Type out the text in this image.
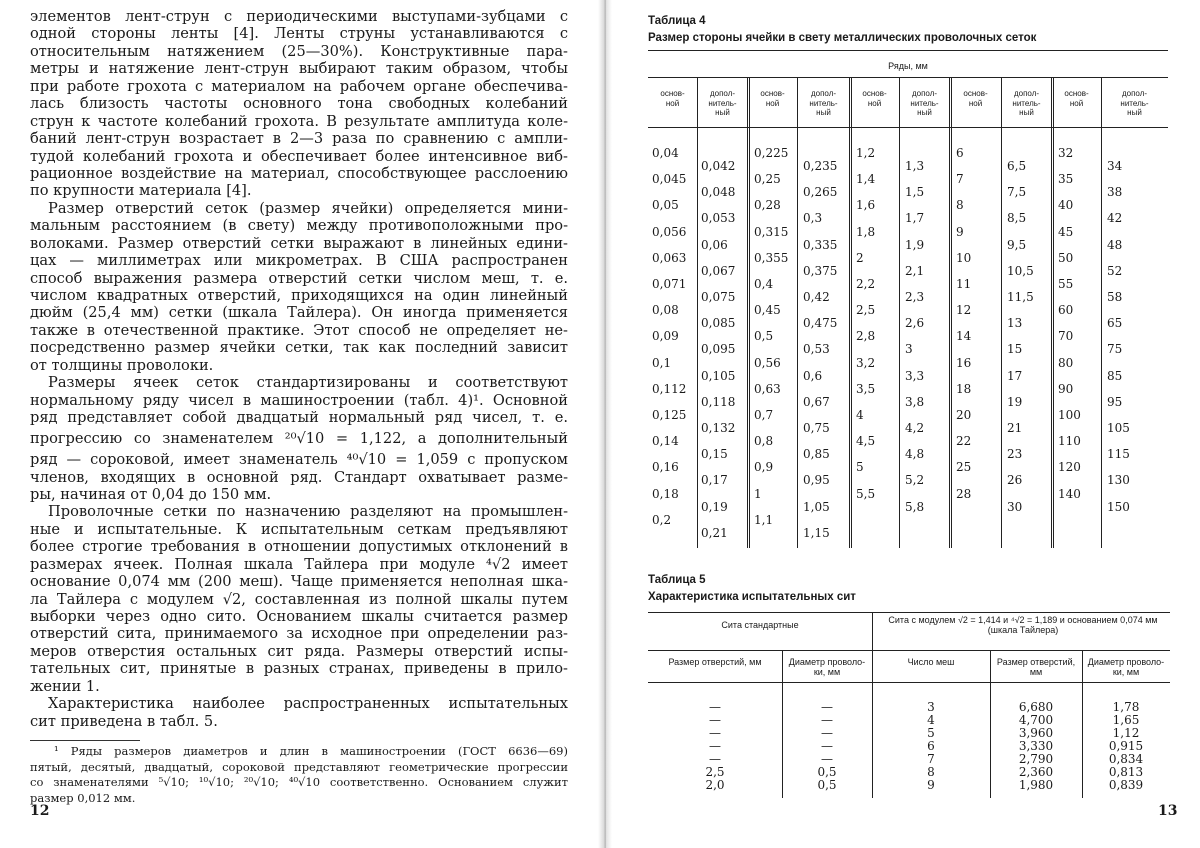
элементов лент-струн с периодическими выступами-зубцами с
одной стороны ленты [4]. Ленты струны устанавливаются с
относительным натяжением (25—30%). Конструктивные пара-
метры и натяжение лент-струн выбирают таким образом, чтобы
при работе грохота с материалом на рабочем органе обеспечива-
лась близость частоты основного тона свободных колебаний
струн к частоте колебаний грохота. В результате амплитуда коле-
баний лент-струн возрастает в 2—3 раза по сравнению с ампли-
тудой колебаний грохота и обеспечивает более интенсивное виб-
рационное воздействие на материал, способствующее расслоению
по крупности материала [4].
Размер отверстий сеток (размер ячейки) определяется мини-
мальным расстоянием (в свету) между противоположными про-
волоками. Размер отверстий сетки выражают в линейных едини-
цах — миллиметрах или микрометрах. В США распространен
способ выражения размера отверстий сетки числом меш, т. е.
числом квадратных отверстий, приходящихся на один линейный
дюйм (25,4 мм) сетки (шкала Тайлера). Он иногда применяется
также в отечественной практике. Этот способ не определяет не-
посредственно размер ячейки сетки, так как последний зависит
от толщины проволоки.
Размеры ячеек сеток стандартизированы и соответствуют
нормальному ряду чисел в машиностроении (табл. 4)¹. Основной
ряд представляет собой двадцатый нормальный ряд чисел, т. е.
прогрессию со знаменателем ²⁰√10 = 1,122, а дополнительный
ряд — сороковой, имеет знаменатель ⁴⁰√10 = 1,059 с пропуском
членов, входящих в основной ряд. Стандарт охватывает разме-
ры, начиная от 0,04 до 150 мм.
Проволочные сетки по назначению разделяют на промышлен-
ные и испытательные. К испытательным сеткам предъявляют
более строгие требования в отношении допустимых отклонений в
размерах ячеек. Полная шкала Тайлера при модуле ⁴√2 имеет
основание 0,074 мм (200 меш). Чаще применяется неполная шка-
ла Тайлера с модулем √2, составленная из полной шкалы путем
выборки через одно сито. Основанием шкалы считается размер
отверстий сита, принимаемого за исходное при определении раз-
меров отверстия остальных сит ряда. Размеры отверстий испы-
тательных сит, принятые в разных странах, приведены в прило-
жении 1.
Характеристика наиболее распространенных испытательных
сит приведена в табл. 5.
¹ Ряды размеров диаметров и длин в машиностроении (ГОСТ 6636—69)
пятый, десятый, двадцатый, сороковой представляют геометрические прогрессии
со знаменателями ⁵√10; ¹⁰√10; ²⁰√10; ⁴⁰√10 соответственно. Основанием служит
размер 0,012 мм.
12	13
Таблица 4
Размер стороны ячейки в свету металлических проволочных сеток
Ряды, мм
основ-
ной
0,04
0,045
0,05
0,056
0,063
0,071
0,08
0,09
0,1
0,112
0,125
0,14
0,16
0,18
0,2
допол-
нитель-
ный
0,042
0,048
0,053
0,06
0,067
0,075
0,085
0,095
0,105
0,118
0,132
0,15
0,17
0,19
0,21
основ-
ной
0,225
0,25
0,28
0,315
0,355
0,4
0,45
0,5
0,56
0,63
0,7
0,8
0,9
1
1,1
допол-
нитель-
ный
0,235
0,265
0,3
0,335
0,375
0,42
0,475
0,53
0,6
0,67
0,75
0,85
0,95
1,05
1,15
основ-
ной
1,2
1,4
1,6
1,8
2
2,2
2,5
2,8
3,2
3,5
4
4,5
5
5,5
допол-
нитель-
ный
1,3
1,5
1,7
1,9
2,1
2,3
2,6
3
3,3
3,8
4,2
4,8
5,2
5,8
основ-
ной
6
7
8
9
10
11
12
14
16
18
20
22
25
28
допол-
нитель-
ный
6,5
7,5
8,5
9,5
10,5
11,5
13
15
17
19
21
23
26
30
основ-
ной
32
35
40
45
50
55
60
70
80
90
100
110
120
140
допол-
нитель-
ный
34
38
42
48
52
58
65
75
85
95
105
115
130
150
Таблица 5
Характеристика испытательных сит
Сита стандартные	Сита с модулем √2 = 1,414 и ⁴√2 = 1,189 и основанием 0,074 мм (шкала Тайлера)
Размер отверстий, мм	Диаметр проволо-ки, мм
Число меш	Размер отверстий, мм
Диаметр проволо-ки, мм
—
—
—
—
—
2,5
2,0
—
—
—
—
—
0,5
0,5
3
4
5
6
7
8
9
6,680
4,700
3,960
3,330
2,790
2,360
1,980
1,78
1,65
1,12
0,915
0,834
0,813
0,839
